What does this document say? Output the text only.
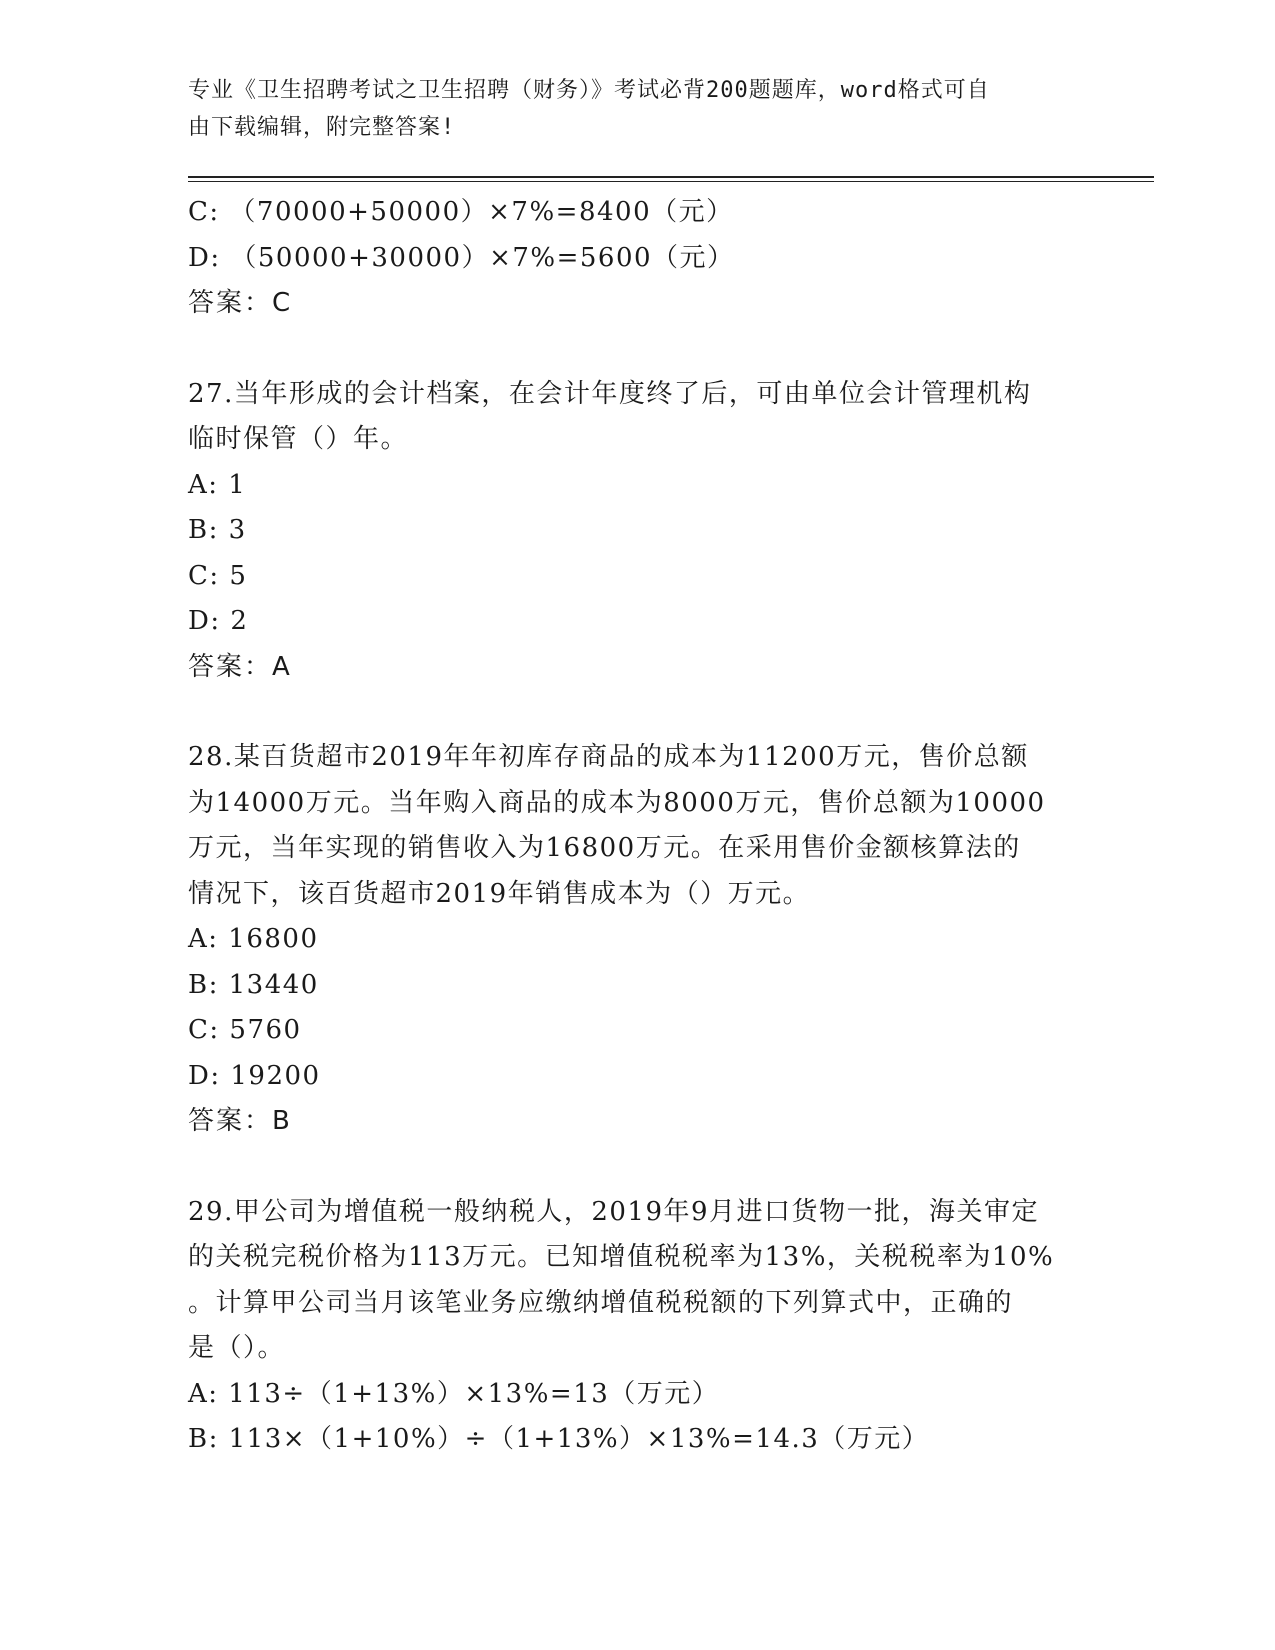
专业《卫生招聘考试之卫生招聘（财务）》考试必背200题题库，word格式可自
由下载编辑，附完整答案!
C: （70000+50000）×7%=8400（元）
D: （50000+30000）×7%=5600（元）
答案：C
27.当年形成的会计档案，在会计年度终了后，可由单位会计管理机构
临时保管（）年。
A: 1
B: 3
C: 5
D: 2
答案：A
28.某百货超市2019年年初库存商品的成本为11200万元，售价总额
为14000万元。当年购入商品的成本为8000万元，售价总额为10000
万元，当年实现的销售收入为16800万元。在采用售价金额核算法的
情况下，该百货超市2019年销售成本为（）万元。
A: 16800
B: 13440
C: 5760
D: 19200
答案：B
29.甲公司为增值税一般纳税人，2019年9月进口货物一批，海关审定
的关税完税价格为113万元。已知增值税税率为13%，关税税率为10%
。计算甲公司当月该笔业务应缴纳增值税税额的下列算式中，正确的
是（）。
A: 113÷（1+13%）×13%=13（万元）
B: 113×（1+10%）÷（1+13%）×13%=14.3（万元）
